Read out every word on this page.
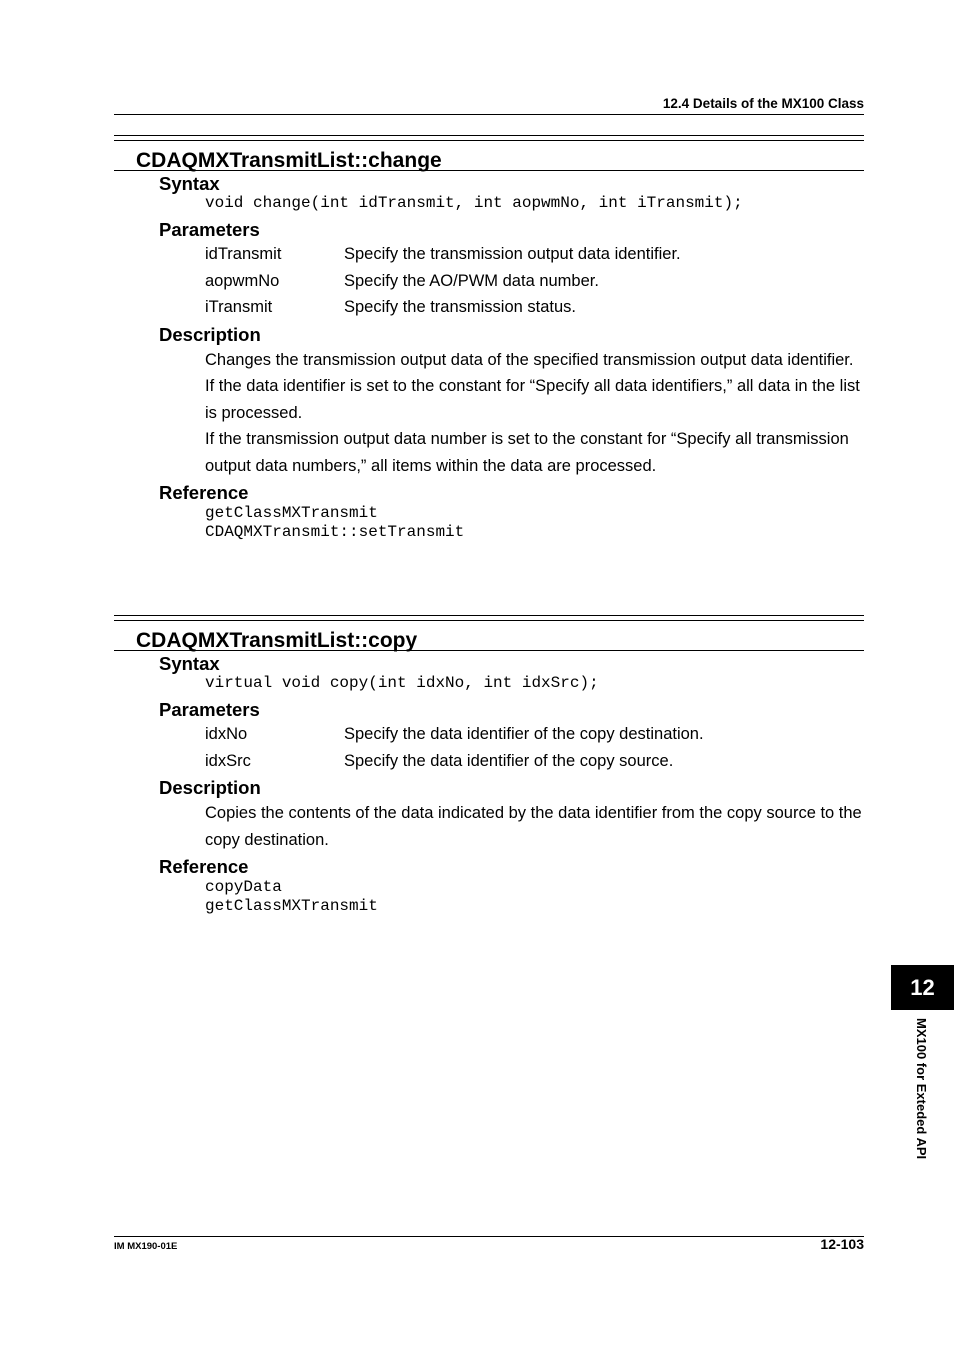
12.4 Details of the MX100 Class
CDAQMXTransmitList::change
Syntax
void change(int idTransmit, int aopwmNo, int iTransmit);
Parameters
idTransmit	Specify the transmission output data identifier.
aopwmNo	Specify the AO/PWM data number.
iTransmit	Specify the transmission status.
Description
Changes the transmission output data of the specified transmission output data identifier.
If the data identifier is set to the constant for “Specify all data identifiers,” all data in the list is processed.
If the transmission output data number is set to the constant for “Specify all transmission output data numbers,” all items within the data are processed.
Reference
getClassMXTransmit
CDAQMXTransmit::setTransmit
CDAQMXTransmitList::copy
Syntax
virtual void copy(int idxNo, int idxSrc);
Parameters
idxNo	Specify the data identifier of the copy destination.
idxSrc	Specify the data identifier of the copy source.
Description
Copies the contents of the data indicated by the data identifier from the copy source to the copy destination.
Reference
copyData
getClassMXTransmit
12
MX100 for Exteded API
IM MX190-01E	12-103
